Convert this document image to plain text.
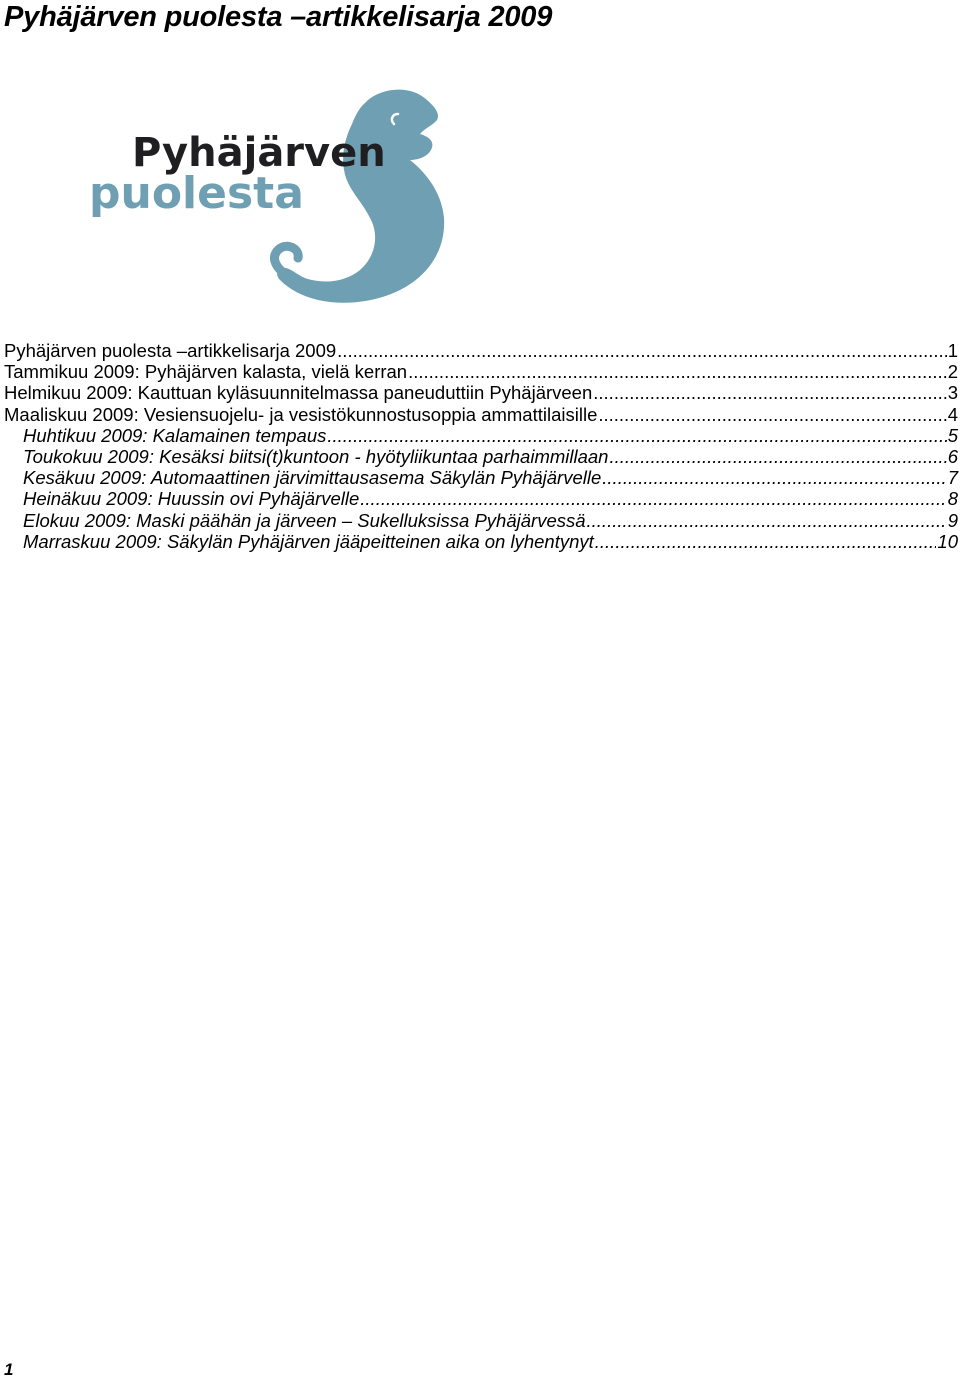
Pyhäjärven puolesta –artikkelisarja 2009
Pyhäjärven
puolesta
Pyhäjärven puolesta –artikkelisarja 2009 .....	1
Tammikuu 2009: Pyhäjärven kalasta, vielä kerran .....	2
Helmikuu 2009: Kauttuan kyläsuunnitelmassa paneuduttiin Pyhäjärveen .....	3
Maaliskuu 2009: Vesiensuojelu- ja vesistökunnostusoppia ammattilaisille .....	4
Huhtikuu 2009: Kalamainen tempaus .....	5
Toukokuu 2009: Kesäksi biitsi(t)kuntoon - hyötyliikuntaa parhaimmillaan .....	6
Kesäkuu 2009: Automaattinen järvimittausasema Säkylän Pyhäjärvelle .....	7
Heinäkuu 2009: Huussin ovi Pyhäjärvelle .....	8
Elokuu 2009: Maski päähän ja järveen – Sukelluksissa Pyhäjärvessä .....	9
Marraskuu 2009: Säkylän Pyhäjärven jääpeitteinen aika on lyhentynyt .....	10
1
